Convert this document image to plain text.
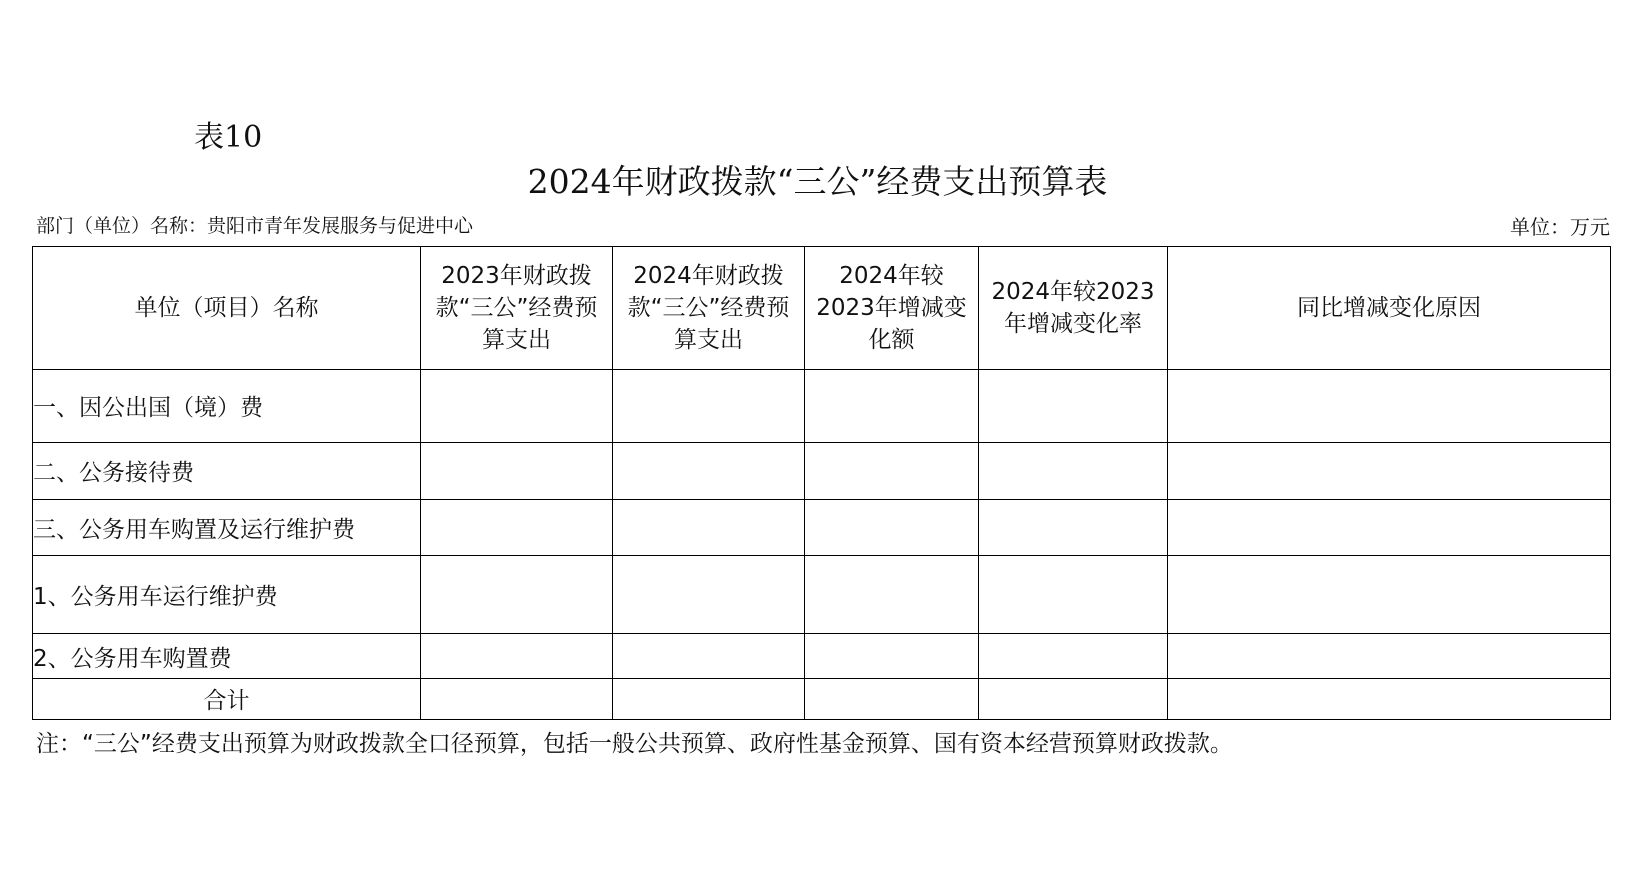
表10
2024年财政拨款“三公”经费支出预算表
部门（单位）名称：贵阳市青年发展服务与促进中心	单位：万元
单位（项目）名称	2023年财政拨款“三公”经费预算支出	2024年财政拨款“三公”经费预算支出	2024年较2023年增减变化额	2024年较2023年增减变化率	同比增减变化原因
一、因公出国（境）费					
二、公务接待费					
三、公务用车购置及运行维护费					
1、公务用车运行维护费					
2、公务用车购置费					
合计					
注：“三公”经费支出预算为财政拨款全口径预算，包括一般公共预算、政府性基金预算、国有资本经营预算财政拨款。
